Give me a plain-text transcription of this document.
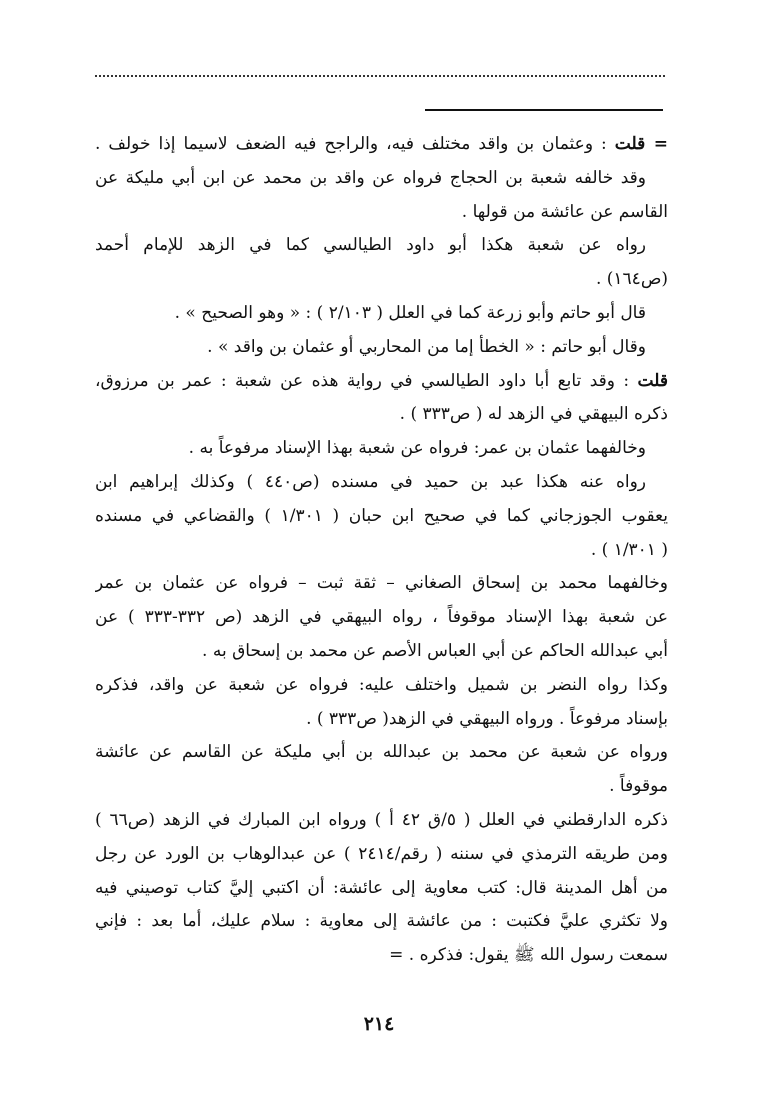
= قلت : وعثمان بن واقد مختلف فيه، والراجح فيه الضعف لاسيما إذا خولف .
وقد خالفه شعبة بن الحجاج فرواه عن واقد بن محمد عن ابن أبي مليكة عن
القاسم عن عائشة من قولها .
رواه عن شعبة هكذا أبو داود الطيالسي كما في الزهد للإمام أحمد
(ص١٦٤) .
قال أبو حاتم وأبو زرعة كما في العلل ( ٢/١٠٣ ) : « وهو الصحيح » .
وقال أبو حاتم : « الخطأ إما من المحاربي أو عثمان بن واقد » .
قلت : وقد تابع أبا داود الطيالسي في رواية هذه عن شعبة : عمر بن مرزوق،
ذكره البيهقي في الزهد له ( ص٣٣٣ ) .
وخالفهما عثمان بن عمر: فرواه عن شعبة بهذا الإسناد مرفوعاً به .
رواه عنه هكذا عبد بن حميد في مسنده (ص٤٤٠ ) وكذلك إبراهيم ابن
يعقوب الجوزجاني كما في صحيح ابن حبان ( ١/٣٠١ ) والقضاعي في مسنده
( ١/٣٠١ ) .
وخالفهما محمد بن إسحاق الصغاني – ثقة ثبت – فرواه عن عثمان بن عمر
عن شعبة بهذا الإسناد موقوفاً ، رواه البيهقي في الزهد (ص ٣٣٢-٣٣٣ ) عن
أبي عبدالله الحاكم عن أبي العباس الأصم عن محمد بن إسحاق به .
وكذا رواه النضر بن شميل واختلف عليه: فرواه عن شعبة عن واقد، فذكره
بإسناد مرفوعاً . ورواه البيهقي في الزهد( ص٣٣٣ ) .
ورواه عن شعبة عن محمد بن عبدالله بن أبي مليكة عن القاسم عن عائشة
موقوفاً .
ذكره الدارقطني في العلل ( ٥/ق ٤٢ أ ) ورواه ابن المبارك في الزهد (ص٦٦ )
ومن طريقه الترمذي في سننه ( رقم/٢٤١٤ ) عن عبدالوهاب بن الورد عن رجل
من أهل المدينة قال: كتب معاوية إلى عائشة: أن اكتبي إليَّ كتاب توصيني فيه
ولا تكثري عليَّ فكتبت : من عائشة إلى معاوية : سلام عليك، أما بعد : فإني
سمعت رسول الله ﷺ يقول: فذكره . =
٢١٤
